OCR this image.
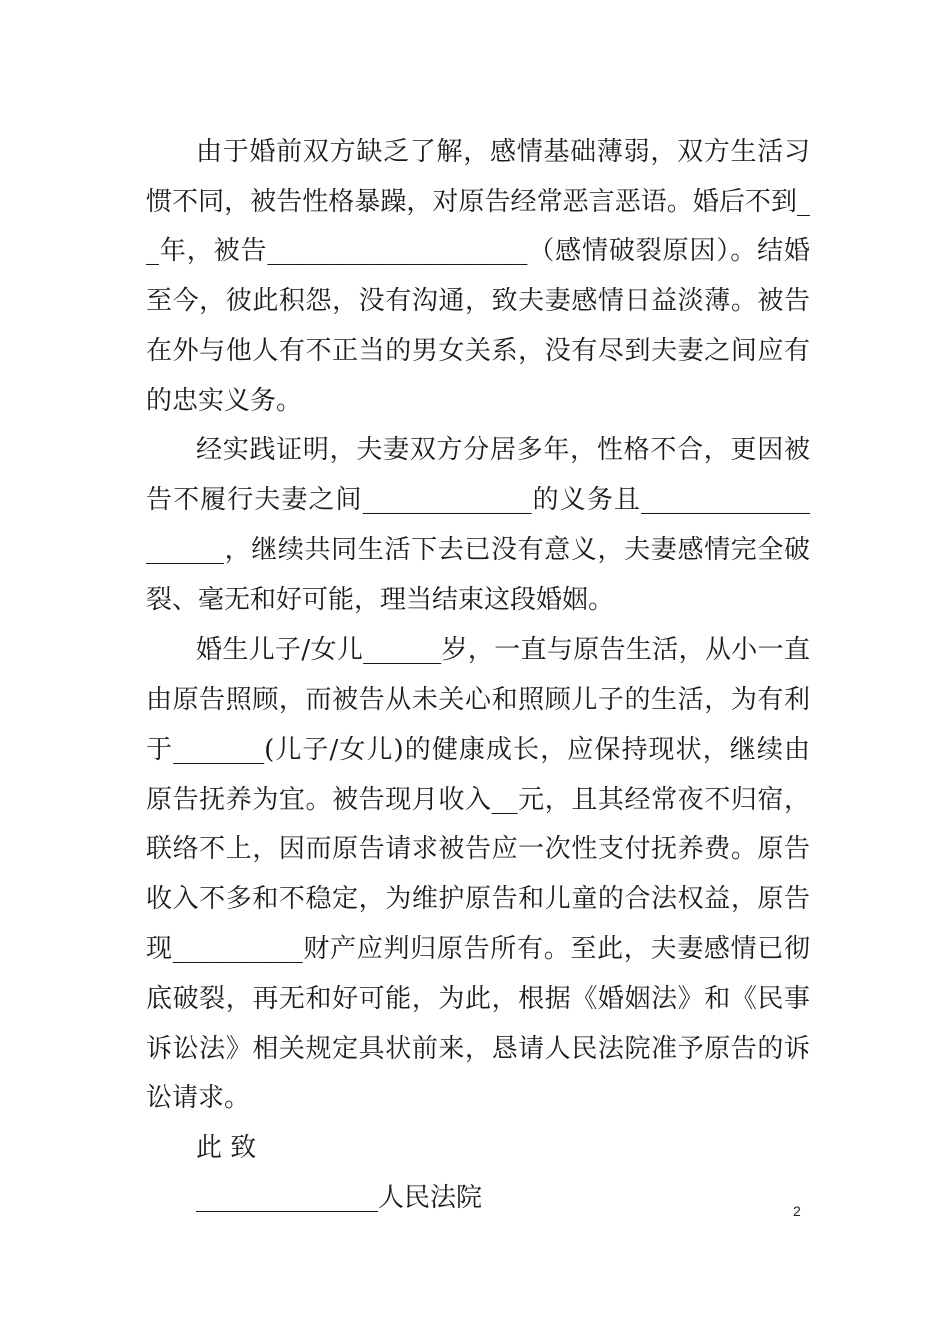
由于婚前双方缺乏了解，感情基础薄弱，双方生活习
惯不同，被告性格暴躁，对原告经常恶言恶语。婚后不到_
_年，被告____________________（感情破裂原因）。结婚
至今，彼此积怨，没有沟通，致夫妻感情日益淡薄。被告
在外与他人有不正当的男女关系，没有尽到夫妻之间应有
的忠实义务。
经实践证明，夫妻双方分居多年，性格不合，更因被
告不履行夫妻之间_____________的义务且_____________
______，继续共同生活下去已没有意义，夫妻感情完全破
裂、毫无和好可能，理当结束这段婚姻。
婚生儿子/女儿______岁，一直与原告生活，从小一直
由原告照顾，而被告从未关心和照顾儿子的生活，为有利
于_______(儿子/女儿)的健康成长，应保持现状，继续由
原告抚养为宜。被告现月收入__元，且其经常夜不归宿，
联络不上，因而原告请求被告应一次性支付抚养费。原告
收入不多和不稳定，为维护原告和儿童的合法权益，原告
现__________财产应判归原告所有。至此，夫妻感情已彻
底破裂，再无和好可能，为此，根据《婚姻法》和《民事
诉讼法》相关规定具状前来，恳请人民法院准予原告的诉
讼请求。
此 致
______________人民法院	2
